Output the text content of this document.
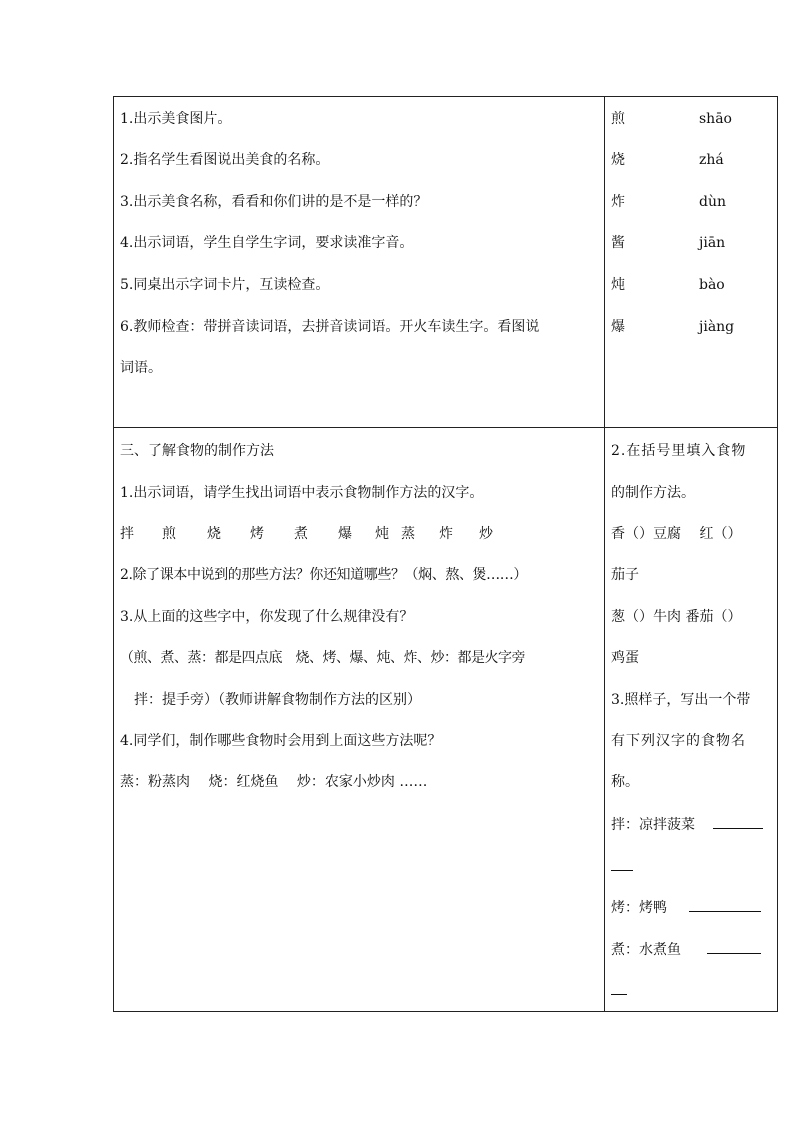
1.出示美食图片。
2.指名学生看图说出美食的名称。
3.出示美食名称，看看和你们讲的是不是一样的？
4.出示词语，学生自学生字词，要求读准字音。
5.同桌出示字词卡片，互读检查。
6.教师检查：带拼音读词语，去拼音读词语。开火车读生字。看图说
词语。
煎	shāo
烧	zhá
炸	dùn
酱	jiān
炖	bào
爆	jiàng
三、了解食物的制作方法
1.出示词语，请学生找出词语中表示食物制作方法的汉字。
拌 煎 烧 烤 煮 爆 炖 蒸 炸 炒
2.除了课本中说到的那些方法？你还知道哪些？（焖、熬、煲……）
3.从上面的这些字中，你发现了什么规律没有？
（煎、煮、蒸：都是四点底　烧、烤、爆、炖、炸、炒：都是火字旁
　拌：提手旁）（教师讲解食物制作方法的区别）
4.同学们，制作哪些食物时会用到上面这些方法呢？
蒸：粉蒸肉　 烧：红烧鱼　 炒：农家小炒肉 ……
2.在括号里填入食物
的制作方法。
香（）豆腐　 红（）
茄子
葱（）牛肉 番茄（）
鸡蛋
3.照样子，写出一个带
有下列汉字的食物名
称。
拌：凉拌菠菜
烤：烤鸭
煮：水煮鱼
